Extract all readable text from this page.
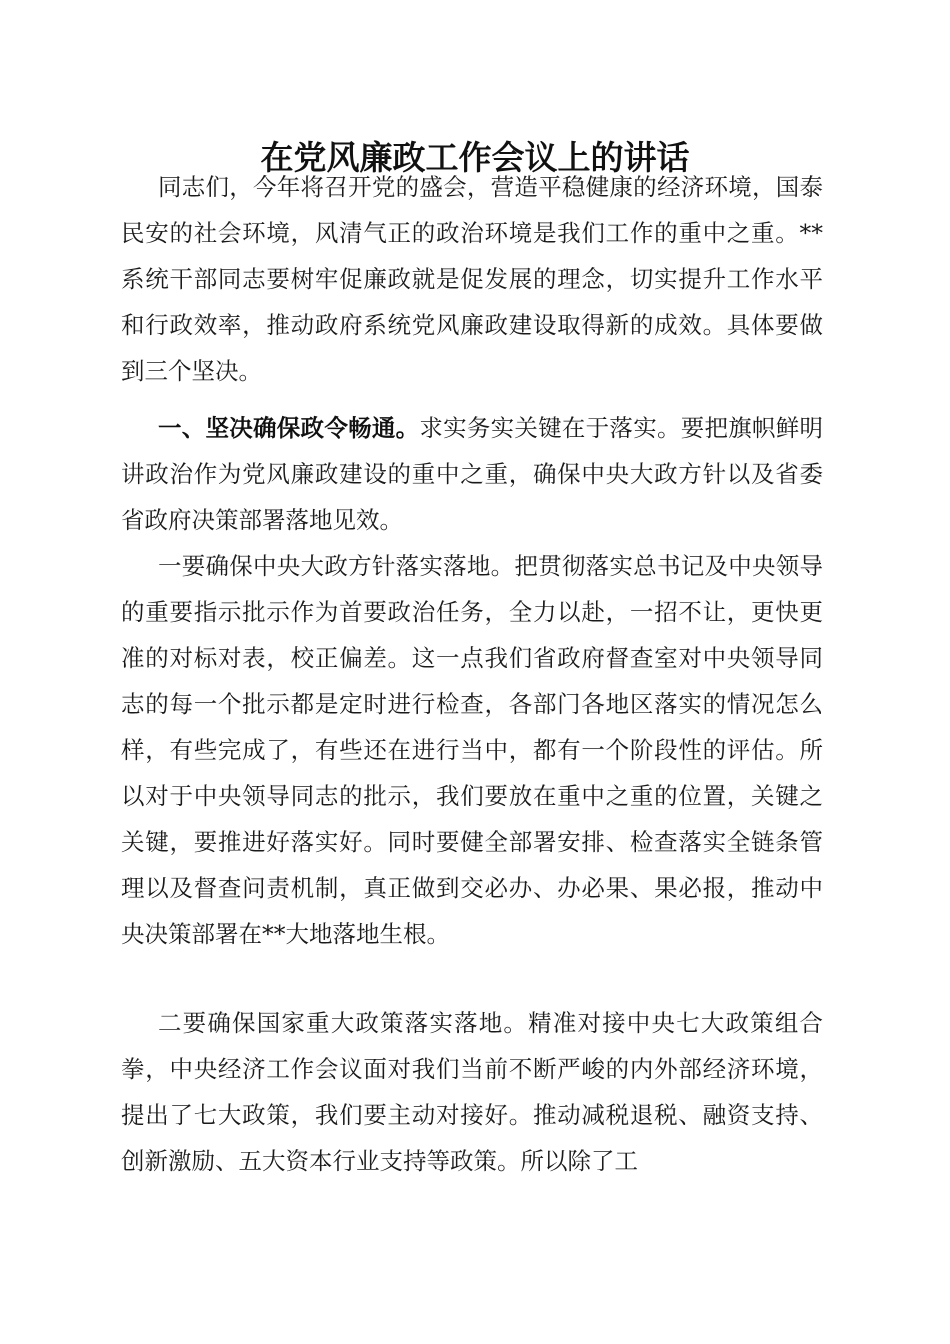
在党风廉政工作会议上的讲话

同志们，今年将召开党的盛会，营造平稳健康的经济环境，国泰民安的社会环境，风清气正的政治环境是我们工作的重中之重。**系统干部同志要树牢促廉政就是促发展的理念，切实提升工作水平和行政效率，推动政府系统党风廉政建设取得新的成效。具体要做到三个坚决。

一、坚决确保政令畅通。求实务实关键在于落实。要把旗帜鲜明讲政治作为党风廉政建设的重中之重，确保中央大政方针以及省委省政府决策部署落地见效。

一要确保中央大政方针落实落地。把贯彻落实总书记及中央领导的重要指示批示作为首要政治任务，全力以赴，一招不让，更快更准的对标对表，校正偏差。这一点我们省政府督查室对中央领导同志的每一个批示都是定时进行检查，各部门各地区落实的情况怎么样，有些完成了，有些还在进行当中，都有一个阶段性的评估。所以对于中央领导同志的批示，我们要放在重中之重的位置，关键之关键，要推进好落实好。同时要健全部署安排、检查落实全链条管理以及督查问责机制，真正做到交必办、办必果、果必报，推动中央决策部署在**大地落地生根。

二要确保国家重大政策落实落地。精准对接中央七大政策组合拳，中央经济工作会议面对我们当前不断严峻的内外部经济环境，提出了七大政策，我们要主动对接好。推动减税退税、融资支持、创新激励、五大资本行业支持等政策。所以除了工
